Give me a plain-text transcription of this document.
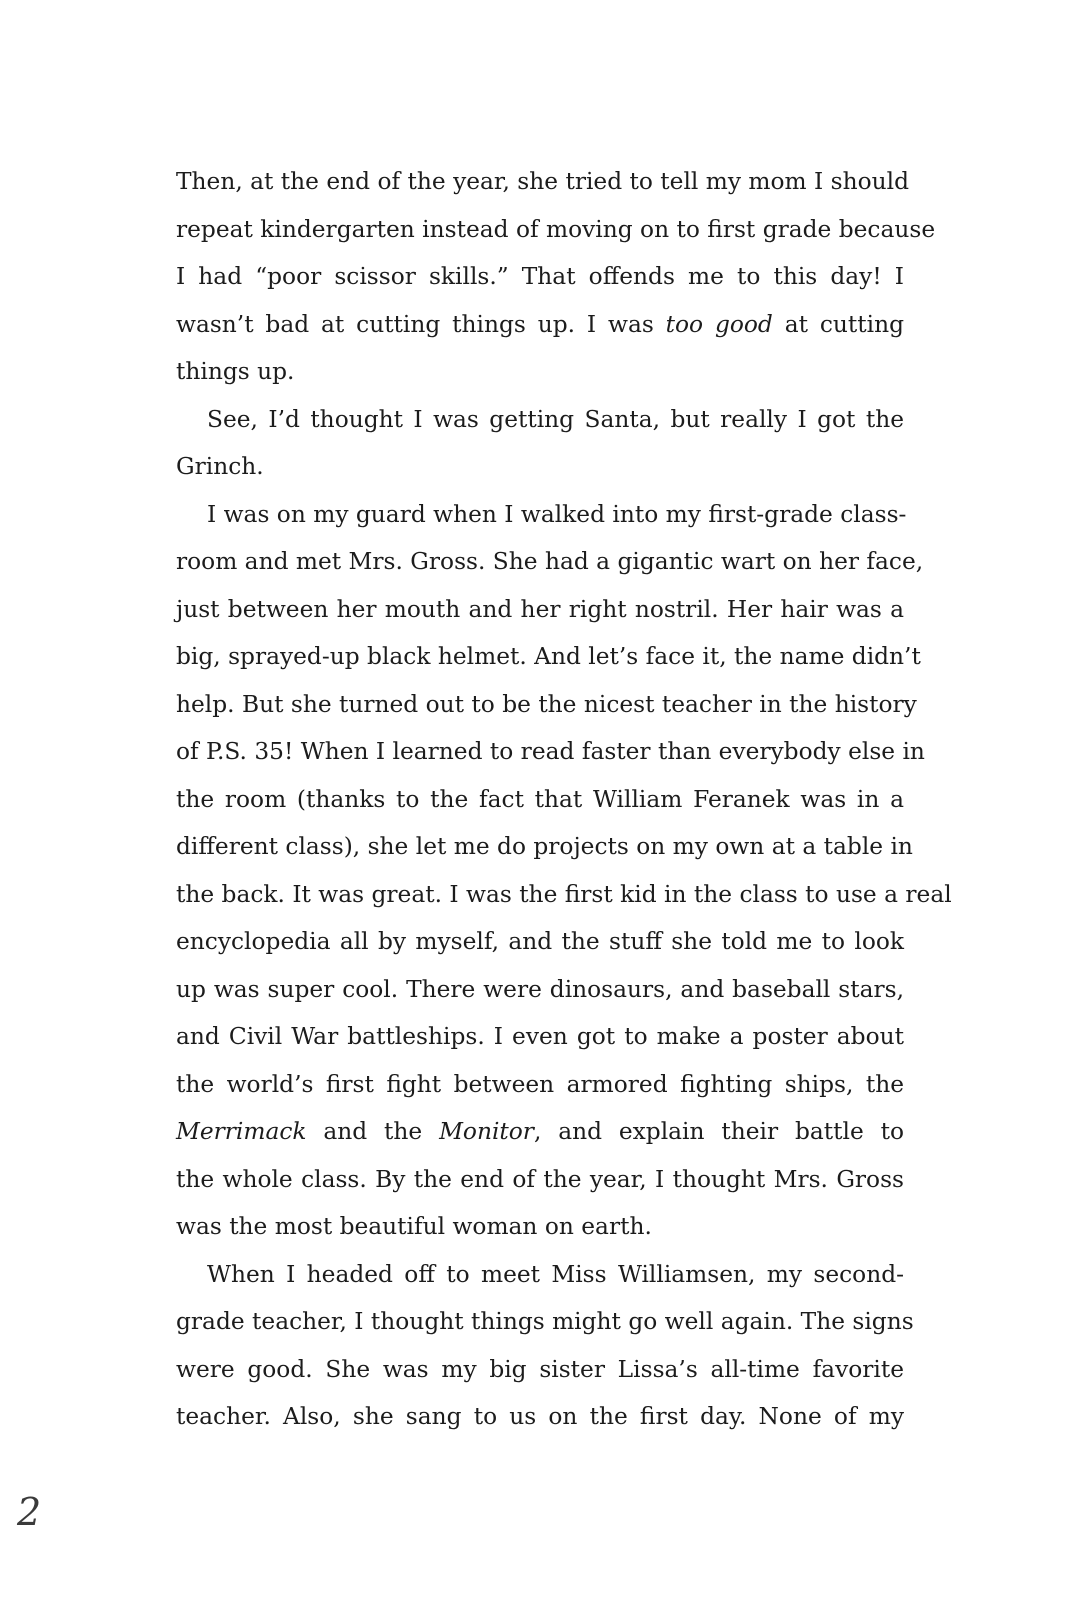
Then, at the end of the year, she tried to tell my mom I should
repeat kindergarten instead of moving on to first grade because
I had “poor scissor skills.” That offends me to this day! I
wasn’t bad at cutting things up. I was too good at cutting
things up.
See, I’d thought I was getting Santa, but really I got the
Grinch.
I was on my guard when I walked into my first-grade class-
room and met Mrs. Gross. She had a gigantic wart on her face,
just between her mouth and her right nostril. Her hair was a
big, sprayed-up black helmet. And let’s face it, the name didn’t
help. But she turned out to be the nicest teacher in the history
of P.S. 35! When I learned to read faster than everybody else in
the room (thanks to the fact that William Feranek was in a
different class), she let me do projects on my own at a table in
the back. It was great. I was the first kid in the class to use a real
encyclopedia all by myself, and the stuff she told me to look
up was super cool. There were dinosaurs, and baseball stars,
and Civil War battleships. I even got to make a poster about
the world’s first fight between armored fighting ships, the
Merrimack and the Monitor, and explain their battle to
the whole class. By the end of the year, I thought Mrs. Gross
was the most beautiful woman on earth.
When I headed off to meet Miss Williamsen, my second-
grade teacher, I thought things might go well again. The signs
were good. She was my big sister Lissa’s all-time favorite
teacher. Also, she sang to us on the first day. None of my
2
